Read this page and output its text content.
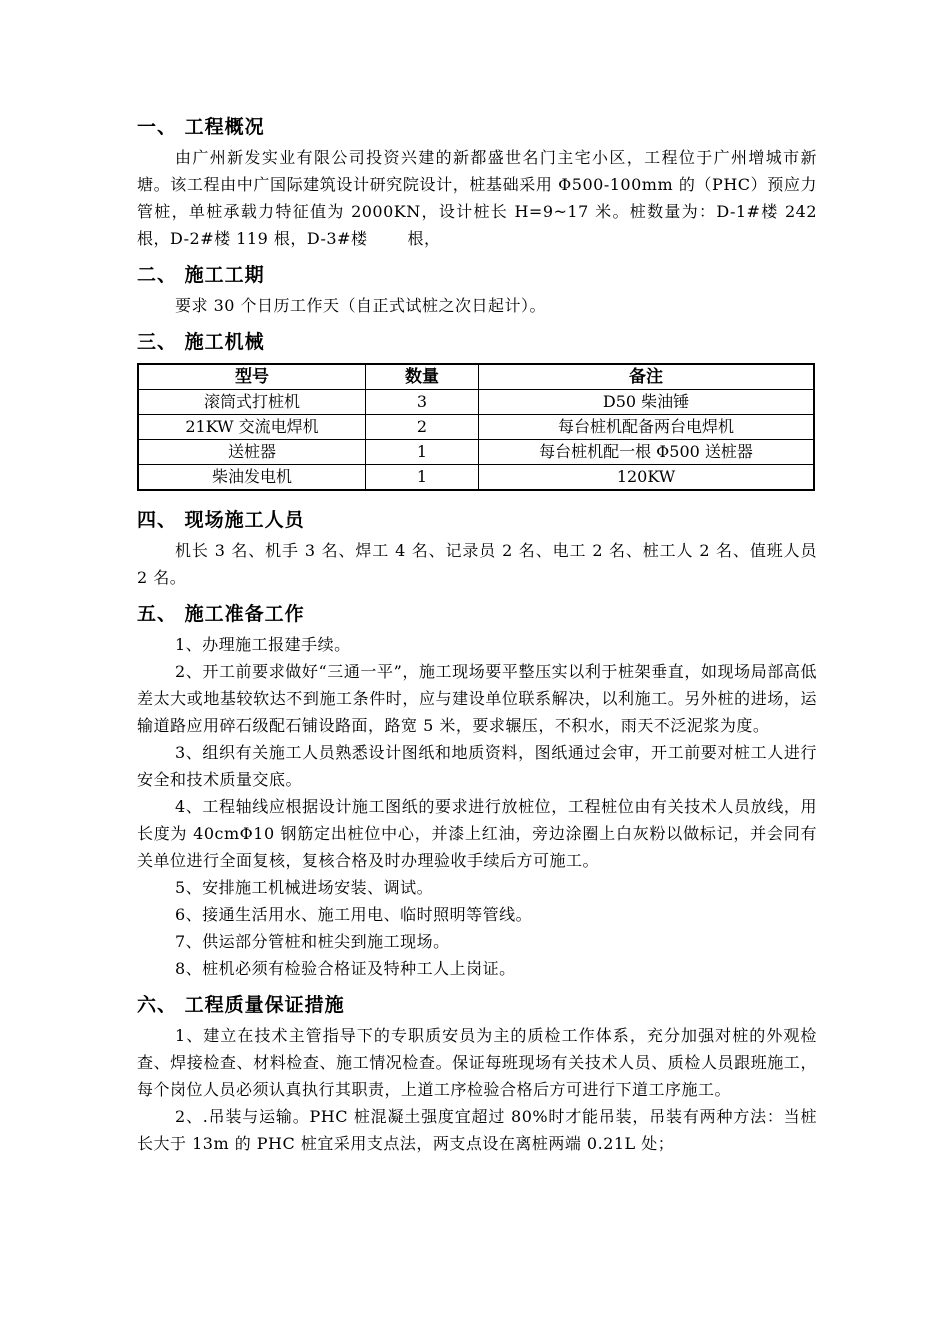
一、 工程概况

由广州新发实业有限公司投资兴建的新都盛世名门主宅小区，工程位于广州增城市新塘。该工程由中广国际建筑设计研究院设计，桩基础采用 Φ500-100mm 的（PHC）预应力管桩，单桩承载力特征值为 2000KN，设计桩长 H=9~17 米。桩数量为：D-1#楼 242 根，D-2#楼 119 根，D-3#楼	根，

二、 施工工期

要求 30 个日历工作天（自正式试桩之次日起计）。

三、 施工机械
型号	数量	备注
滚筒式打桩机	3	D50 柴油锤
21KW 交流电焊机	2	每台桩机配备两台电焊机
送桩器	1	每台桩机配一根 Φ500 送桩器
柴油发电机	1	120KW
四、 现场施工人员

机长 3 名、机手 3 名、焊工 4 名、记录员 2 名、电工 2 名、桩工人 2 名、值班人员 2 名。

五、 施工准备工作

1、办理施工报建手续。

2、开工前要求做好“三通一平”，施工现场要平整压实以利于桩架垂直，如现场局部高低差太大或地基较软达不到施工条件时，应与建设单位联系解决，以利施工。另外桩的进场，运输道路应用碎石级配石铺设路面，路宽 5 米，要求辗压，不积水，雨天不泛泥浆为度。

3、组织有关施工人员熟悉设计图纸和地质资料，图纸通过会审，开工前要对桩工人进行安全和技术质量交底。

4、工程轴线应根据设计施工图纸的要求进行放桩位，工程桩位由有关技术人员放线，用长度为 40cmΦ10 钢筋定出桩位中心，并漆上红油，旁边涂圈上白灰粉以做标记，并会同有关单位进行全面复核，复核合格及时办理验收手续后方可施工。

5、安排施工机械进场安装、调试。

6、接通生活用水、施工用电、临时照明等管线。

7、供运部分管桩和桩尖到施工现场。

8、桩机必须有检验合格证及特种工人上岗证。

六、 工程质量保证措施

1、建立在技术主管指导下的专职质安员为主的质检工作体系，充分加强对桩的外观检查、焊接检查、材料检查、施工情况检查。保证每班现场有关技术人员、质检人员跟班施工，每个岗位人员必须认真执行其职责，上道工序检验合格后方可进行下道工序施工。

2、.吊装与运输。PHC 桩混凝土强度宜超过 80%时才能吊装，吊装有两种方法：当桩长大于 13m 的 PHC 桩宜采用支点法，两支点设在离桩两端 0.21L 处；
